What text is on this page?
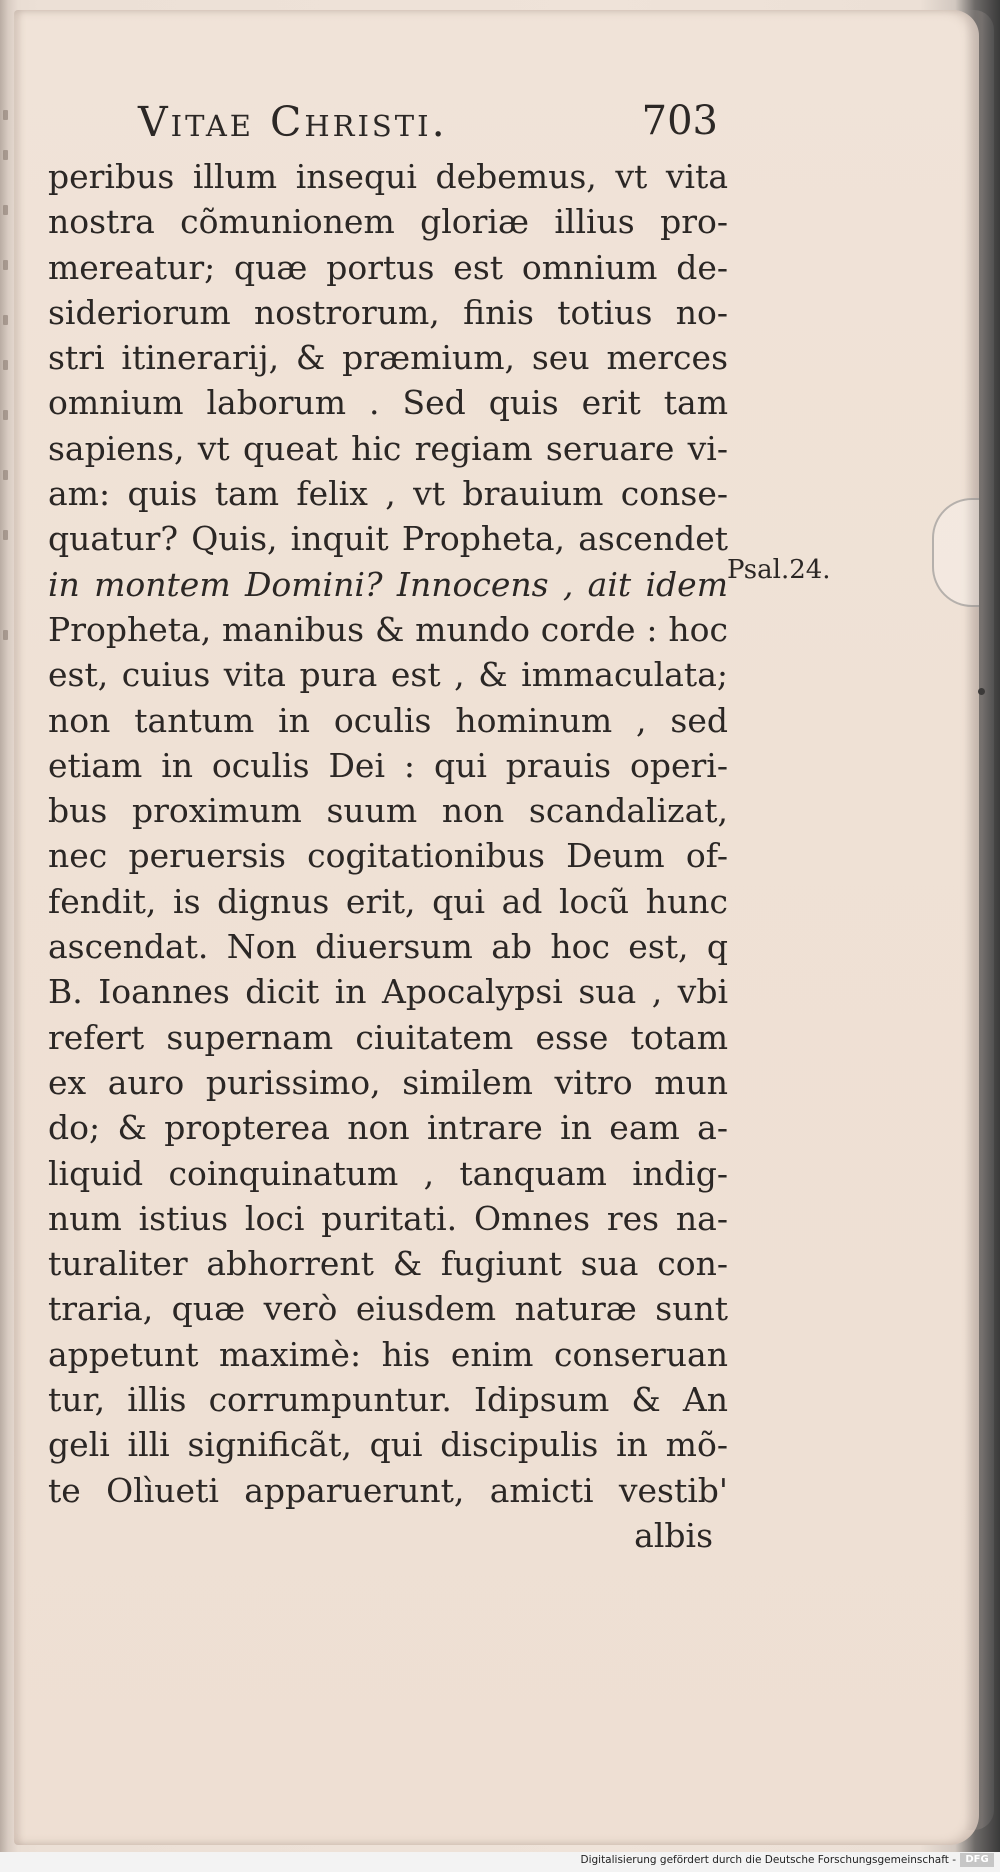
Vitae Christi.	703
peribus illum insequi debemus, vt vita
nostra cõmunionem gloriæ illius pro-
mereatur; quæ portus est omnium de-
sideriorum nostrorum, finis totius no-
stri itinerarij, & præmium, seu merces
omnium laborum . Sed quis erit tam
sapiens, vt queat hic regiam seruare vi-
am: quis tam felix , vt brauium conse-
quatur? Quis, inquit Propheta, ascendet
in montem Domini? Innocens , ait idem
Propheta, manibus & mundo corde : hoc
est, cuius vita pura est , & immaculata;
non tantum in oculis hominum , sed
etiam in oculis Dei : qui prauis operi-
bus proximum suum non scandalizat,
nec peruersis cogitationibus Deum of-
fendit, is dignus erit, qui ad locũ hunc
ascendat. Non diuersum ab hoc est, q
B. Ioannes dicit in Apocalypsi sua , vbi
refert supernam ciuitatem esse totam
ex auro purissimo, similem vitro mun
do; & propterea non intrare in eam a-
liquid coinquinatum , tanquam indig-
num istius loci puritati. Omnes res na-
turaliter abhorrent & fugiunt sua con-
traria, quæ verò eiusdem naturæ sunt
appetunt maximè: his enim conseruan
tur, illis corrumpuntur. Idipsum & An
geli illi significãt, qui discipulis in mõ-
te Olìueti apparuerunt, amicti vestib'
albis
Psal.24.
Digitalisierung gefördert durch die Deutsche Forschungsgemeinschaft - DFG
